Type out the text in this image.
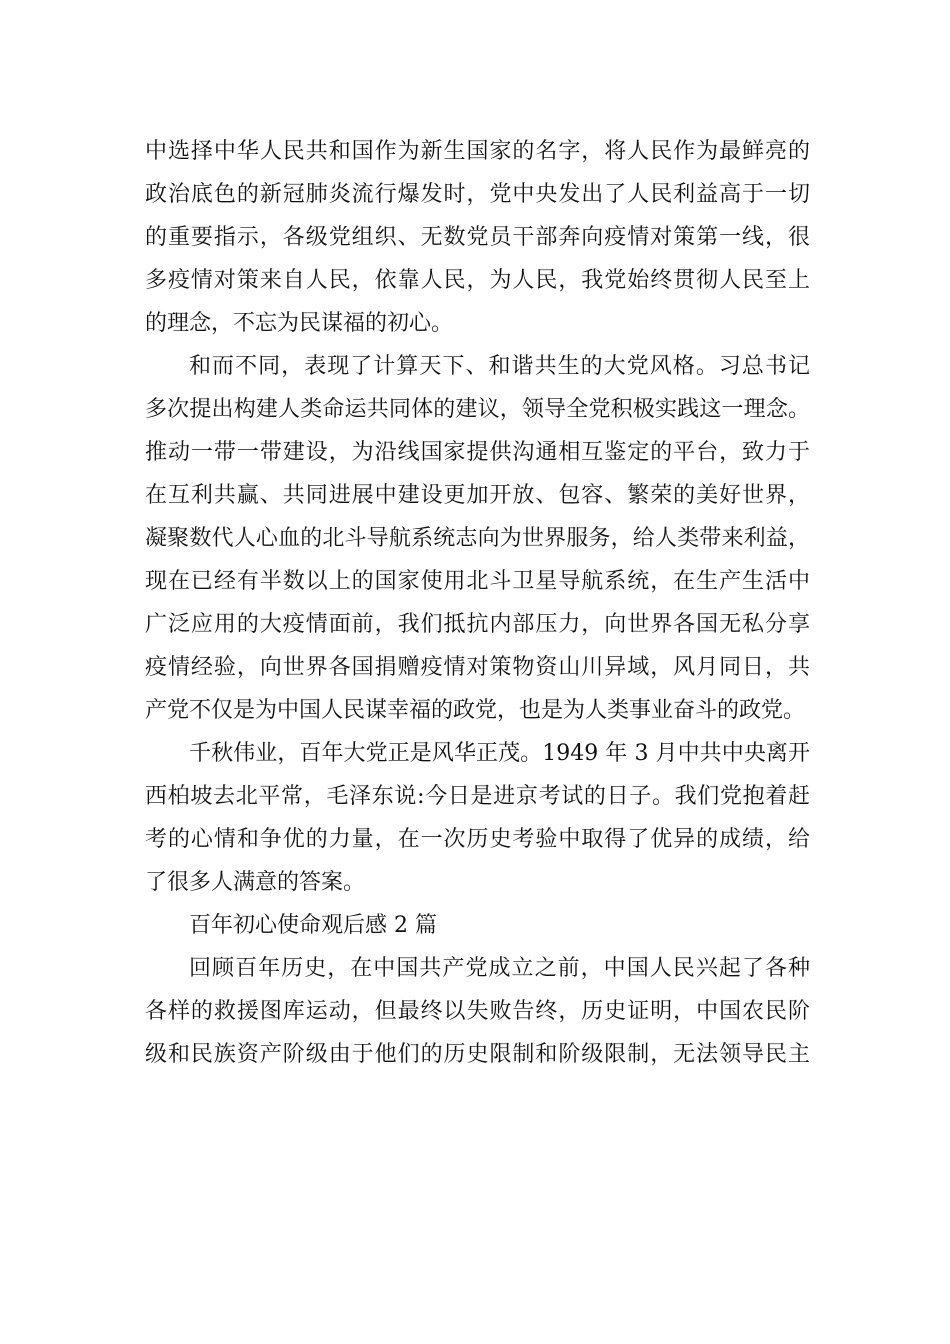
中选择中华人民共和国作为新生国家的名字，将人民作为最鲜亮的
政治底色的新冠肺炎流行爆发时，党中央发出了人民利益高于一切
的重要指示，各级党组织、无数党员干部奔向疫情对策第一线，很
多疫情对策来自人民，依靠人民，为人民，我党始终贯彻人民至上
的理念，不忘为民谋福的初心。
和而不同，表现了计算天下、和谐共生的大党风格。习总书记
多次提出构建人类命运共同体的建议，领导全党积极实践这一理念。
推动一带一带建设，为沿线国家提供沟通相互鉴定的平台，致力于
在互利共赢、共同进展中建设更加开放、包容、繁荣的美好世界，
凝聚数代人心血的北斗导航系统志向为世界服务，给人类带来利益，
现在已经有半数以上的国家使用北斗卫星导航系统，在生产生活中
广泛应用的大疫情面前，我们抵抗内部压力，向世界各国无私分享
疫情经验，向世界各国捐赠疫情对策物资山川异域，风月同日，共
产党不仅是为中国人民谋幸福的政党，也是为人类事业奋斗的政党。
千秋伟业，百年大党正是风华正茂。1949 年 3 月中共中央离开
西柏坡去北平常，毛泽东说:今日是进京考试的日子。我们党抱着赶
考的心情和争优的力量，在一次历史考验中取得了优异的成绩，给
了很多人满意的答案。
百年初心使命观后感 2 篇
回顾百年历史，在中国共产党成立之前，中国人民兴起了各种
各样的救援图库运动，但最终以失败告终，历史证明，中国农民阶
级和民族资产阶级由于他们的历史限制和阶级限制，无法领导民主
